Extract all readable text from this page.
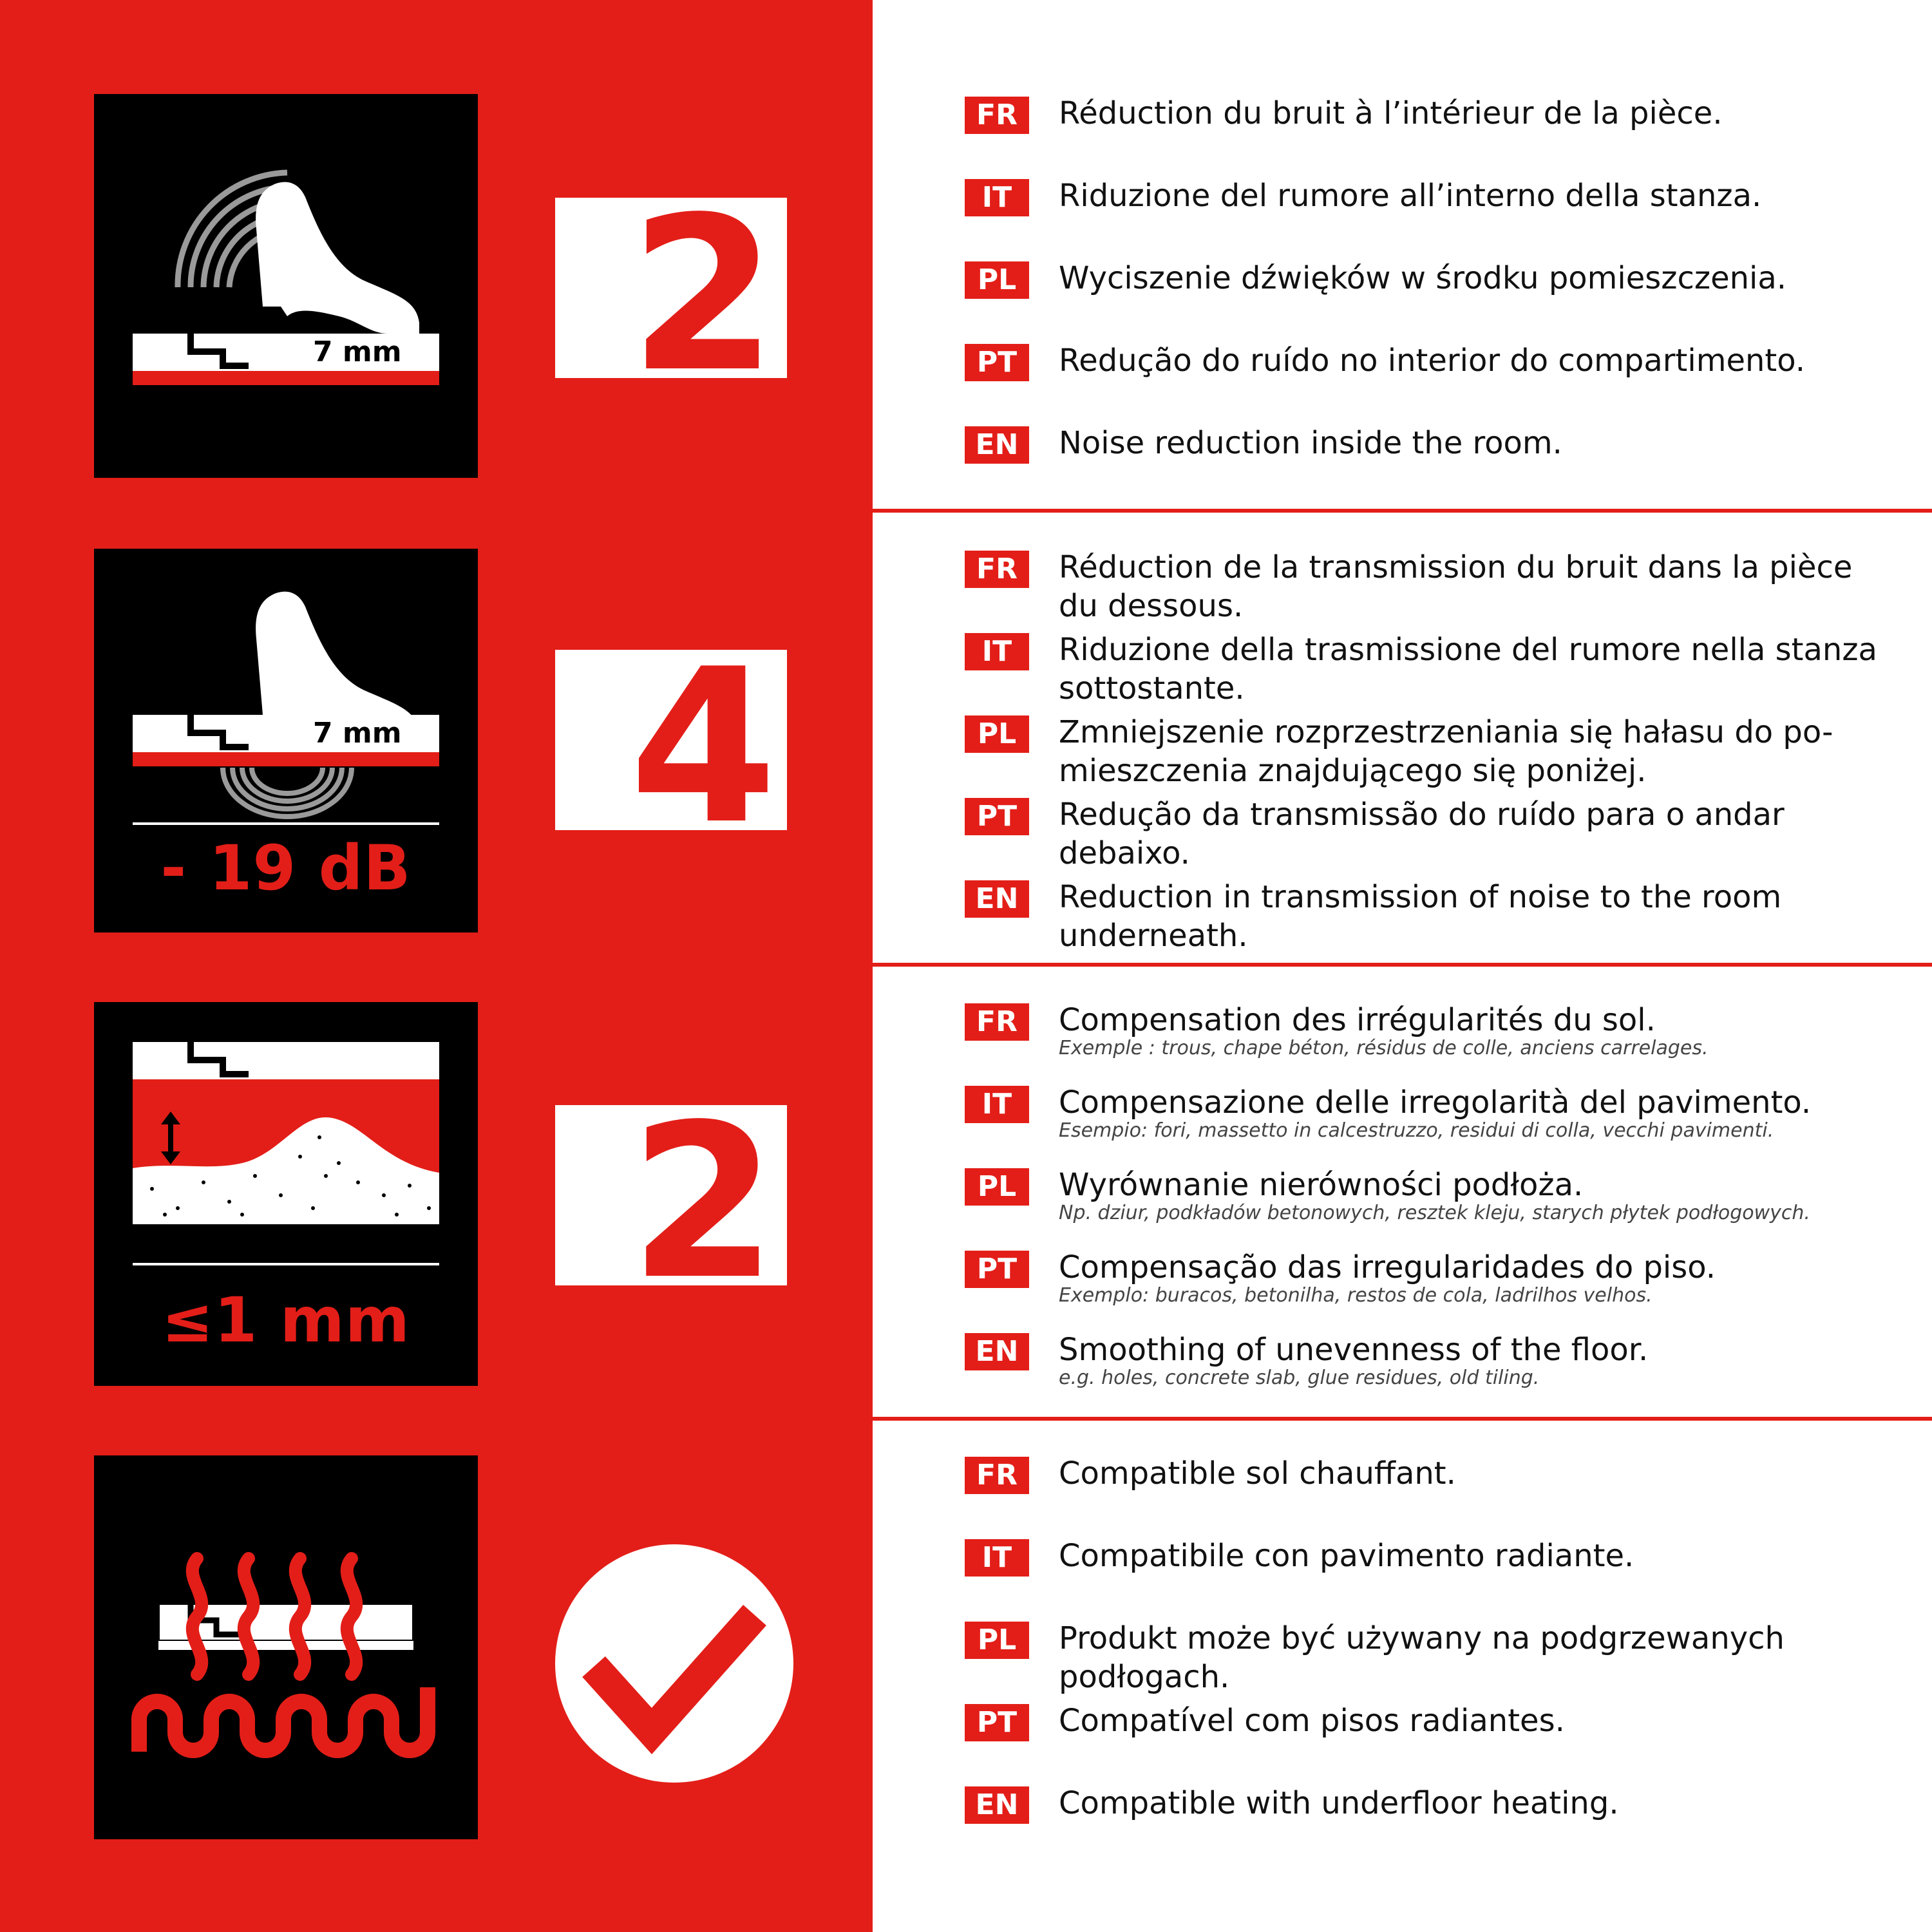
7 mm 2
7 mm
- 19 dB	4
≤1 mm	2
FR	Réduction du bruit à l’intérieur de la pièce.
IT	Riduzione del rumore all’interno della stanza.
PL	Wyciszenie dźwięków w środku pomieszczenia.
PT	Redução do ruído no interior do compartimento.
EN	Noise reduction inside the room.
FR	Réduction de la transmission du bruit dans la pièce du dessous.
IT	Riduzione della trasmissione del rumore nella stanza sottostante.
PL	Zmniejszenie rozprzestrzeniania się hałasu do po-mieszczenia znajdującego się poniżej.
PT	Redução da transmissão do ruído para o andar debaixo.
EN	Reduction in transmission of noise to the room underneath.
FR	Compensation des irrégularités du sol.
Exemple : trous, chape béton, résidus de colle, anciens carrelages.
IT	Compensazione delle irregolarità del pavimento.
Esempio: fori, massetto in calcestruzzo, residui di colla, vecchi pavimenti.
PL	Wyrównanie nierówności podłoża.
Np. dziur, podkładów betonowych, resztek kleju, starych płytek podłogowych.
PT	Compensação das irregularidades do piso.
Exemplo: buracos, betonilha, restos de cola, ladrilhos velhos.
EN	Smoothing of unevenness of the floor.
e.g. holes, concrete slab, glue residues, old tiling.
FR	Compatible sol chauffant.
IT	Compatibile con pavimento radiante.
PL	Produkt może być używany na podgrzewanych podłogach.
PT	Compatível com pisos radiantes.
EN	Compatible with underfloor heating.
